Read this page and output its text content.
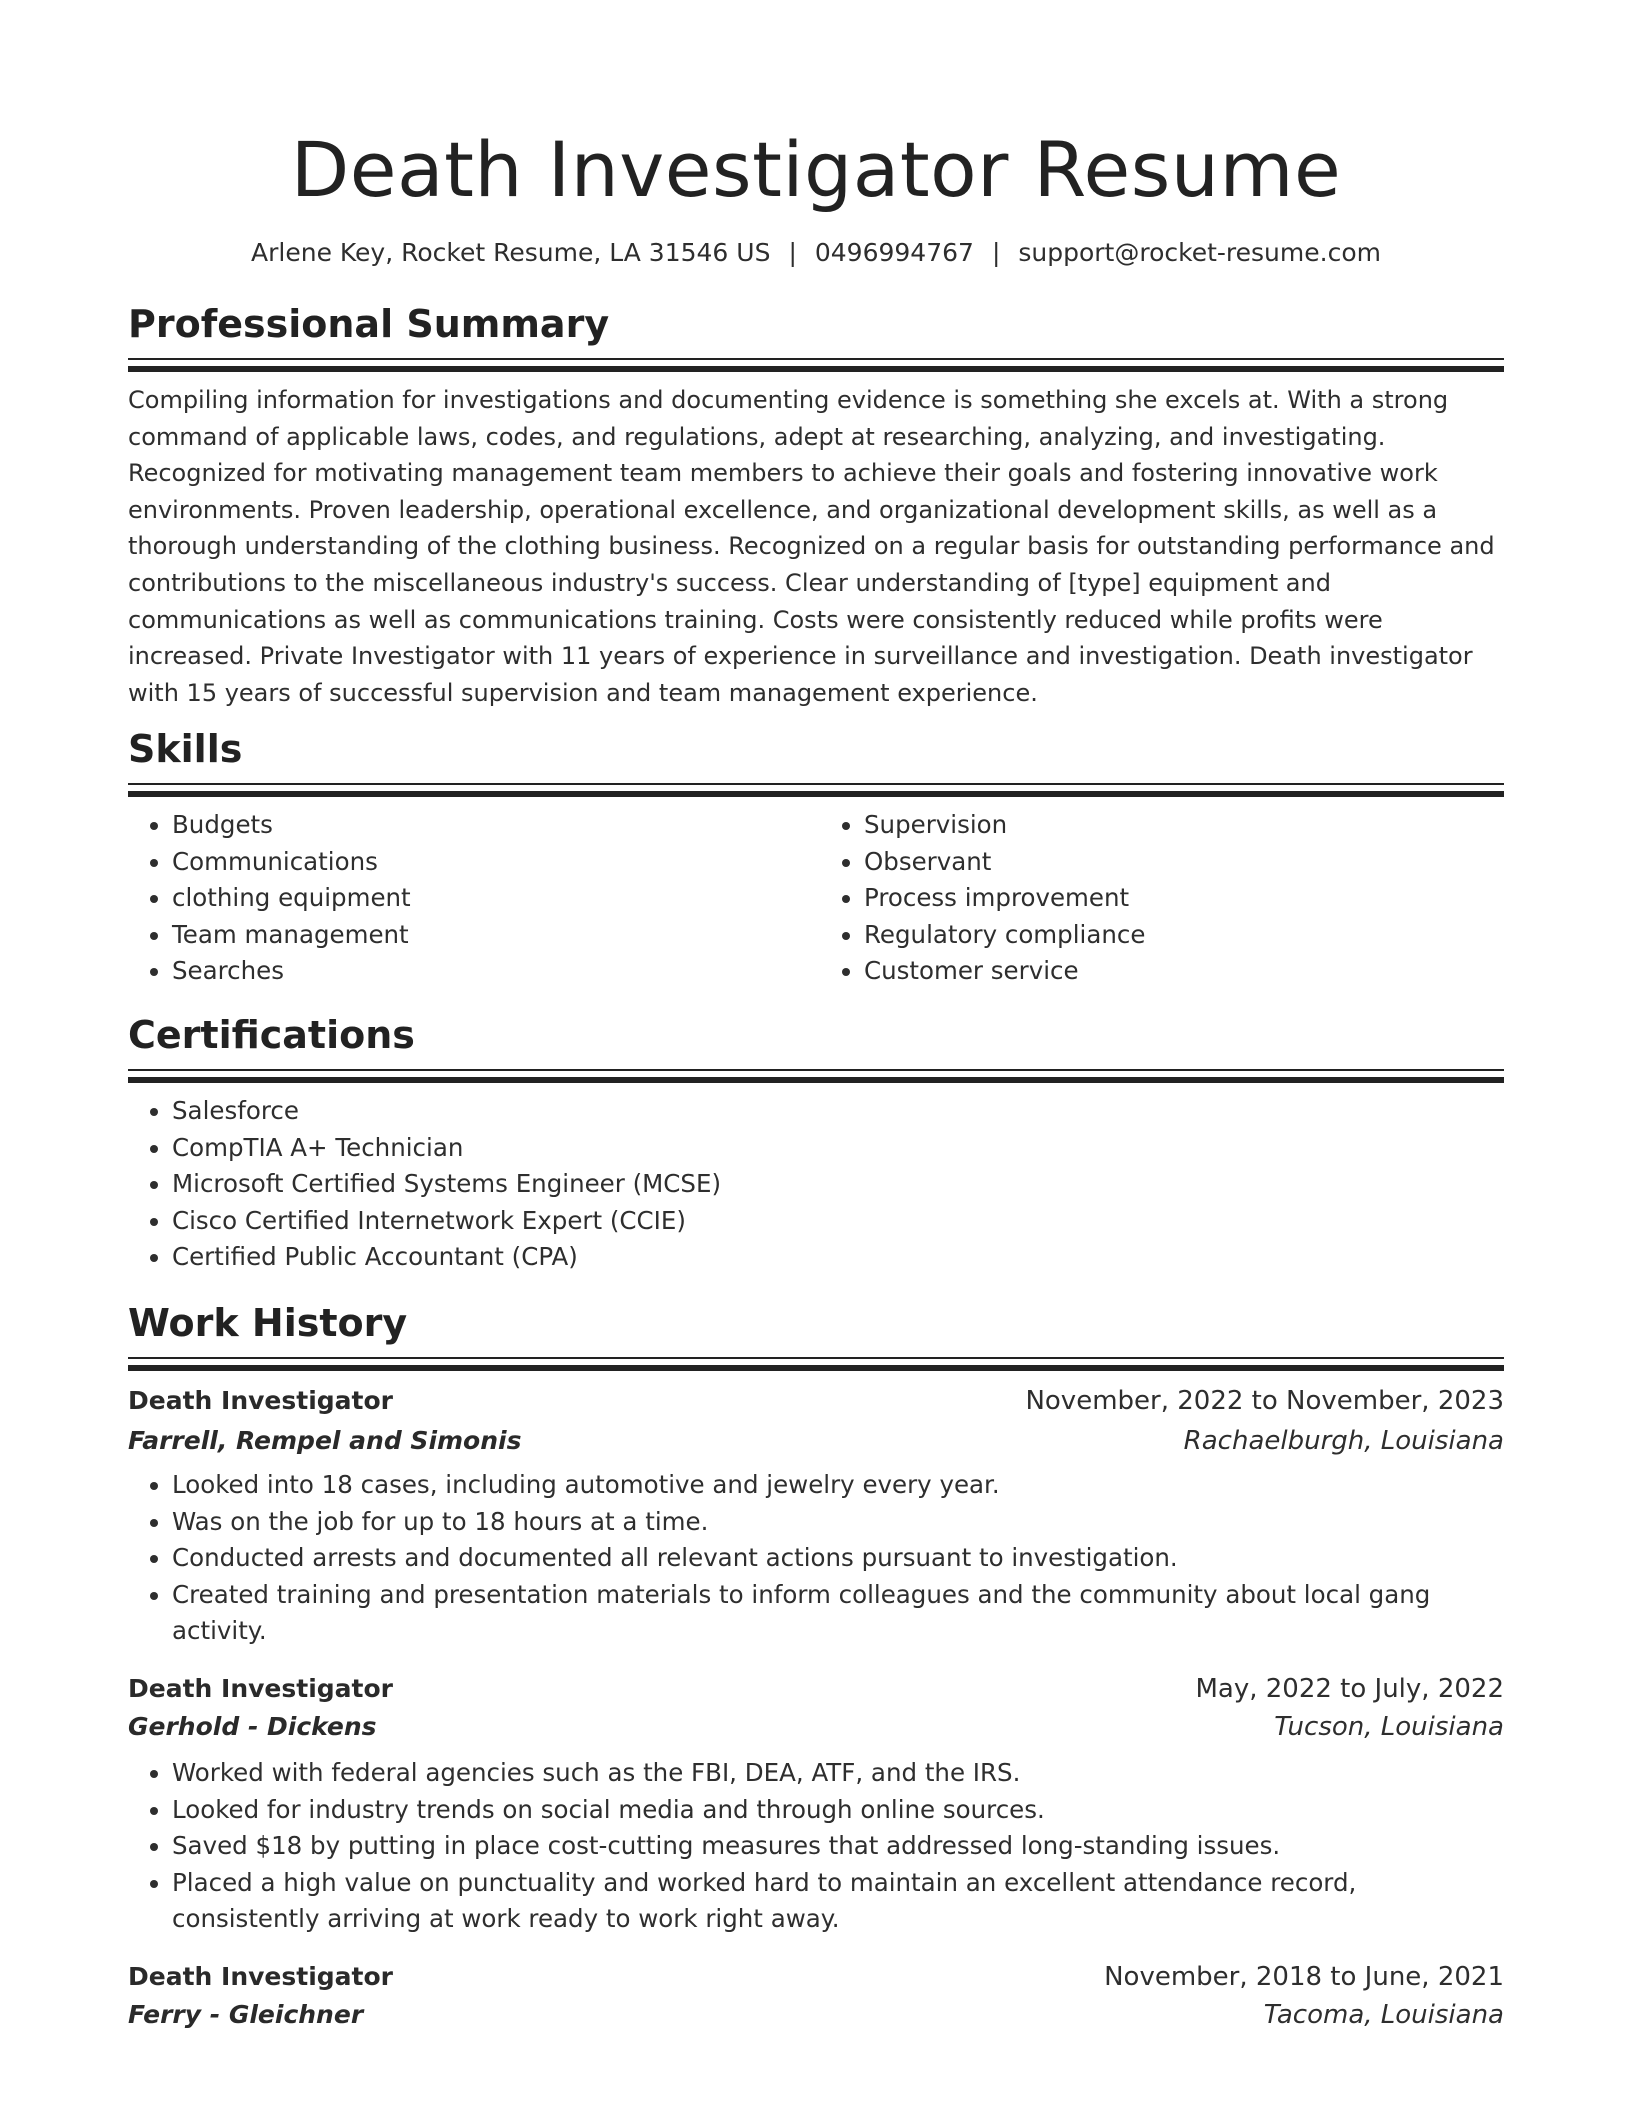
Death Investigator Resume
Arlene Key, Rocket Resume, LA 31546 US | 0496994767 | support@rocket-resume.com
Professional Summary

Compiling information for investigations and documenting evidence is something she excels at. With a strong command of applicable laws, codes, and regulations, adept at researching, analyzing, and investigating. Recognized for motivating management team members to achieve their goals and fostering innovative work environments. Proven leadership, operational excellence, and organizational development skills, as well as a thorough understanding of the clothing business. Recognized on a regular basis for outstanding performance and contributions to the miscellaneous industry's success. Clear understanding of [type] equipment and communications as well as communications training. Costs were consistently reduced while profits were increased. Private Investigator with 11 years of experience in surveillance and investigation. Death investigator with 15 years of successful supervision and team management experience.

Skills
• Budgets
• Communications
• clothing equipment
• Team management
• Searches
• Supervision
• Observant
• Process improvement
• Regulatory compliance
• Customer service
Certifications
• Salesforce
• CompTIA A+ Technician
• Microsoft Certified Systems Engineer (MCSE)
• Cisco Certified Internetwork Expert (CCIE)
• Certified Public Accountant (CPA)
Work History
Death Investigator	November, 2022 to November, 2023
Farrell, Rempel and Simonis	Rachaelburgh, Louisiana
• Looked into 18 cases, including automotive and jewelry every year.
• Was on the job for up to 18 hours at a time.
• Conducted arrests and documented all relevant actions pursuant to investigation.
• Created training and presentation materials to inform colleagues and the community about local gang activity.
Death Investigator	May, 2022 to July, 2022
Gerhold - Dickens	Tucson, Louisiana
• Worked with federal agencies such as the FBI, DEA, ATF, and the IRS.
• Looked for industry trends on social media and through online sources.
• Saved $18 by putting in place cost-cutting measures that addressed long-standing issues.
• Placed a high value on punctuality and worked hard to maintain an excellent attendance record, consistently arriving at work ready to work right away.
Death Investigator	November, 2018 to June, 2021
Ferry - Gleichner	Tacoma, Louisiana
